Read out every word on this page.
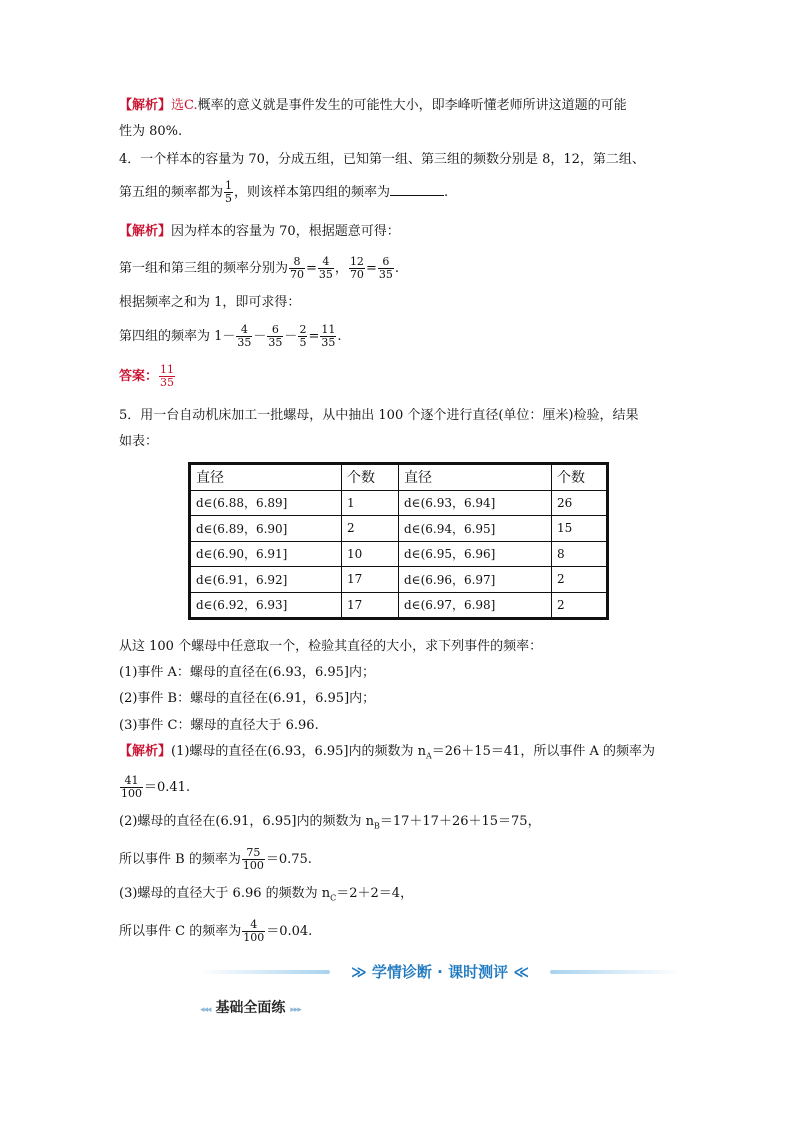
【解析】选C.概率的意义就是事件发生的可能性大小，即李峰听懂老师所讲这道题的可能
性为 80%.
4．一个样本的容量为 70，分成五组，已知第一组、第三组的频数分别是 8，12，第二组、
第五组的频率都为 $\frac{1}{5}$ ，则该样本第四组的频率为	.
【解析】因为样本的容量为 70，根据题意可得：
第一组和第三组的频率分别为 $\frac{8}{70} = \frac{4}{35}$ ， $\frac{12}{70} = \frac{6}{35}$ .
根据频率之和为 1，即可求得：
第四组的频率为 $1- \frac{4}{35} - \frac{6}{35} - \frac{2}{5} = \frac{11}{35}$ .
答案： $\frac{11}{35}$
5．用一台自动机床加工一批螺母，从中抽出 100 个逐个进行直径(单位：厘米)检验，结果
如表：
直径	个数	直径	个数
d∈(6.88，6.89]	1	d∈(6.93，6.94]	26
d∈(6.89，6.90]	2	d∈(6.94，6.95]	15
d∈(6.90，6.91]	10	d∈(6.95，6.96]	8
d∈(6.91，6.92]	17	d∈(6.96，6.97]	2
d∈(6.92，6.93]	17	d∈(6.97，6.98]	2
从这 100 个螺母中任意取一个，检验其直径的大小，求下列事件的频率：
(1)事件 A：螺母的直径在(6.93，6.95]内；
(2)事件 B：螺母的直径在(6.91，6.95]内；
(3)事件 C：螺母的直径大于 6.96.
【解析】(1)螺母的直径在(6.93，6.95]内的频数为 $n_A=26+15=41$，所以事件 A 的频率为
$\frac{41}{100} =0.41$.
(2)螺母的直径在(6.91，6.95]内的频数为 $n_B=17+17+26+15=75$，
所以事件 B 的频率为 $\frac{75}{100} =0.75$.
(3)螺母的直径大于 6.96 的频数为 $n_C=2+2=4$，
所以事件 C 的频率为 $\frac{4}{100} =0.04$.
≫ 学情诊断 · 课时测评 ≪
◂◂◂ 基础全面练 ▸▸▸
